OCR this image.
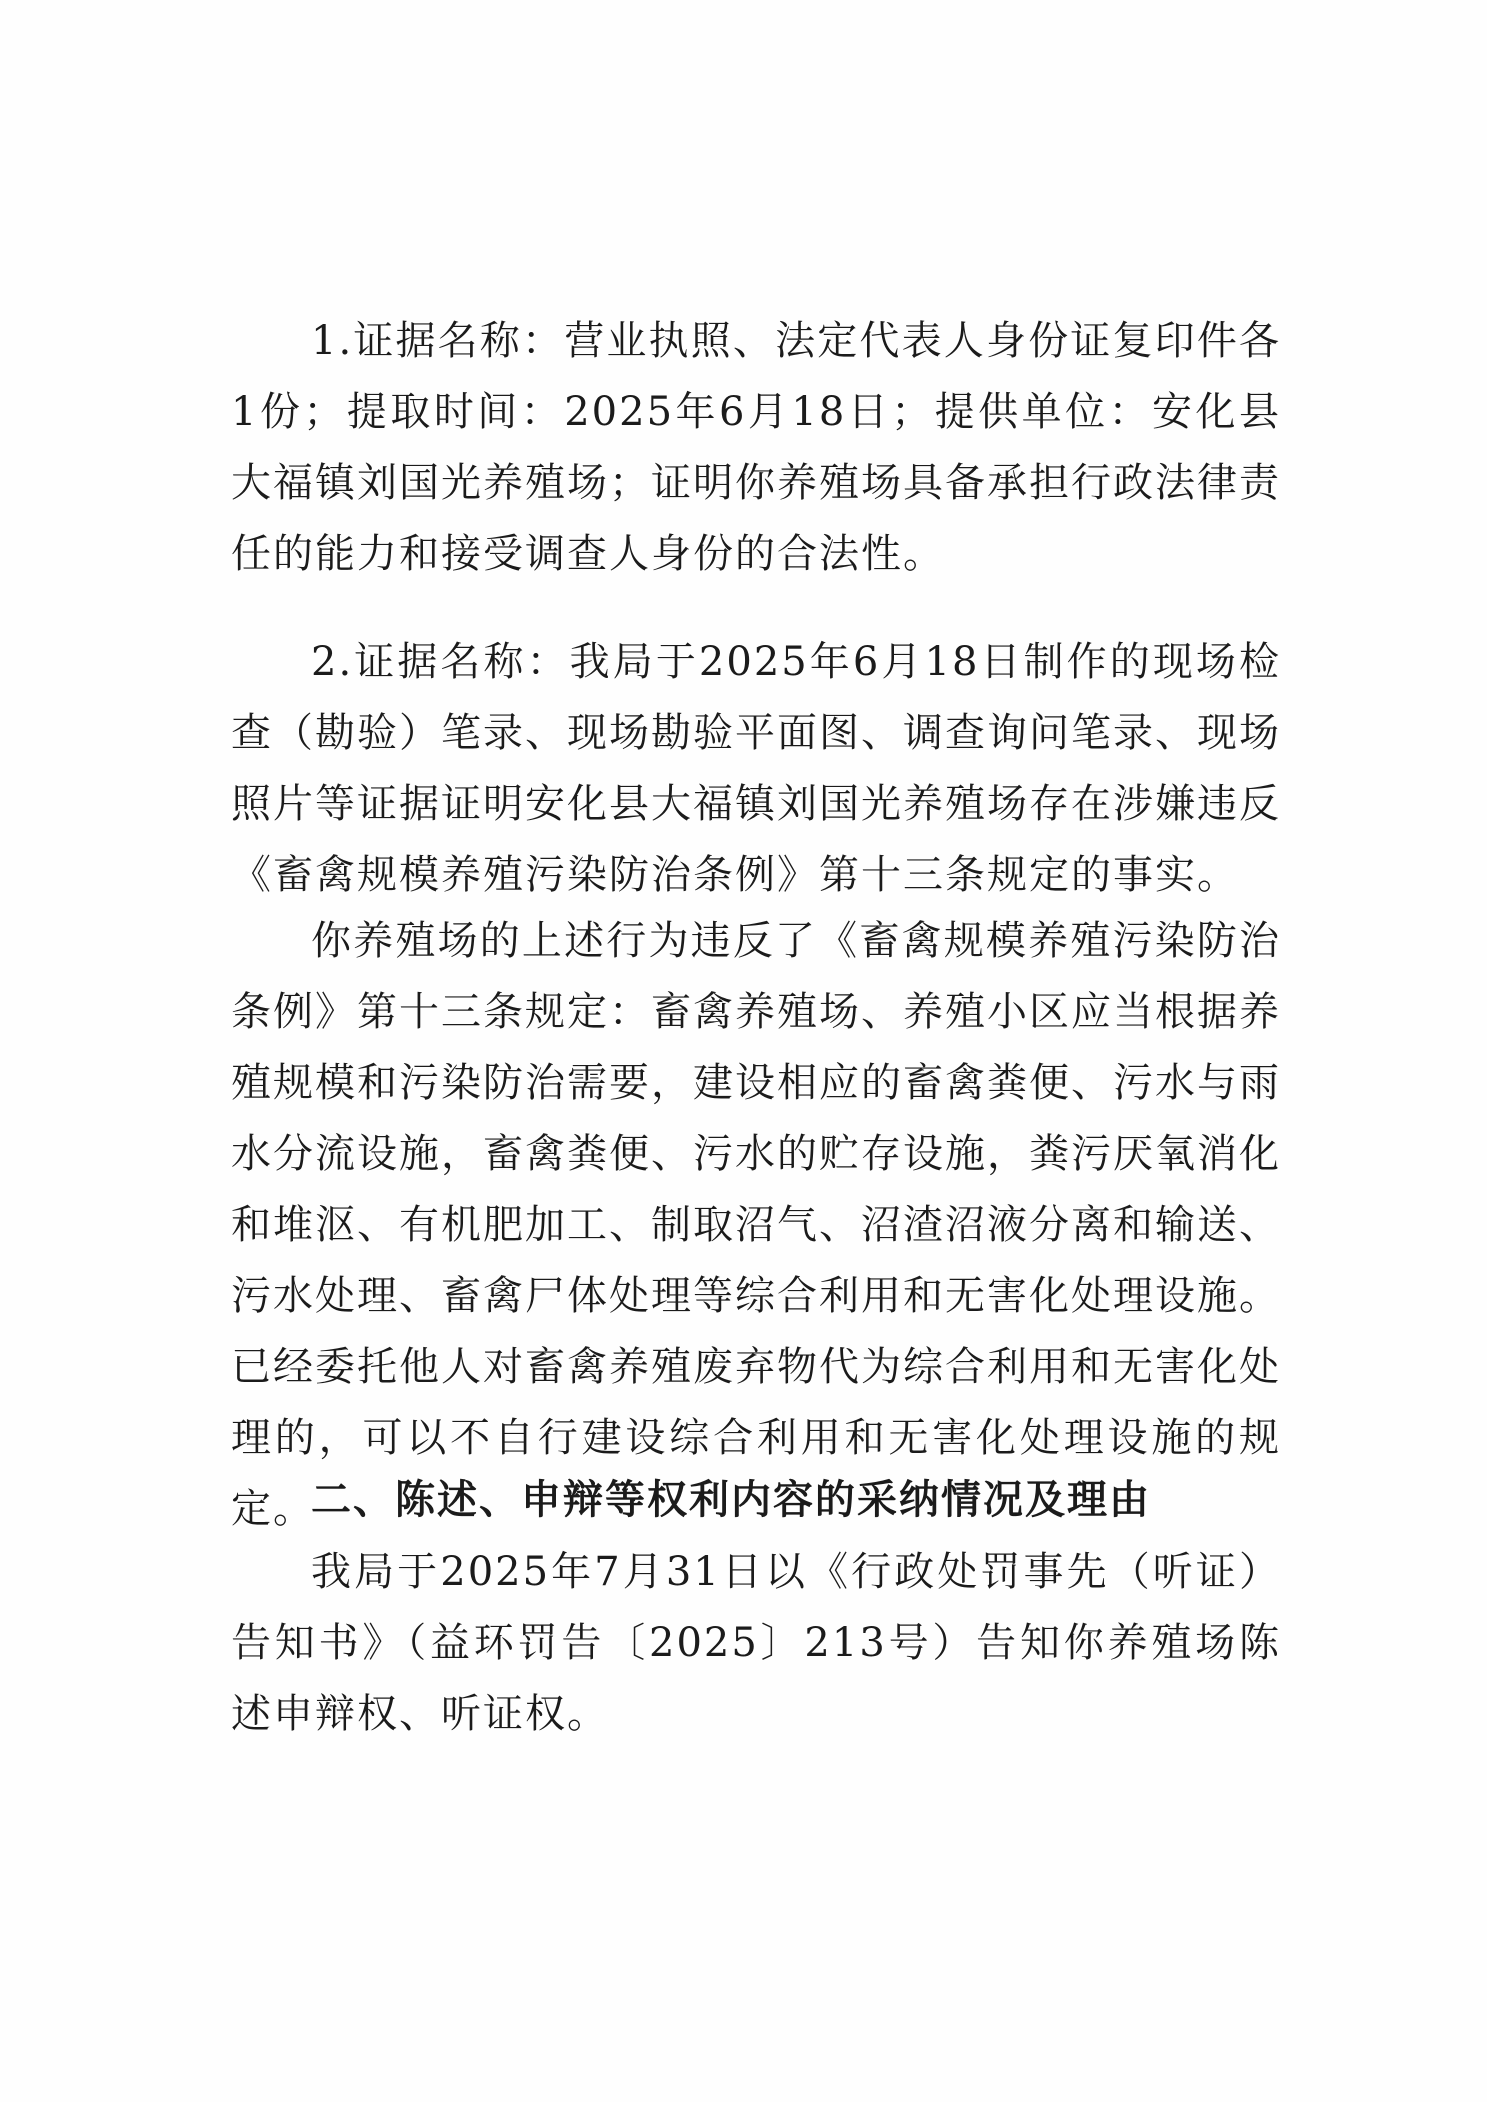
1.证据名称：营业执照、法定代表人身份证复印件各1份；提取时间：2025年6月18日；提供单位：安化县大福镇刘国光养殖场；证明你养殖场具备承担行政法律责任的能力和接受调查人身份的合法性。

2.证据名称：我局于2025年6月18日制作的现场检查（勘验）笔录、现场勘验平面图、调查询问笔录、现场照片等证据证明安化县大福镇刘国光养殖场存在涉嫌违反《畜禽规模养殖污染防治条例》第十三条规定的事实。

你养殖场的上述行为违反了《畜禽规模养殖污染防治条例》第十三条规定：畜禽养殖场、养殖小区应当根据养殖规模和污染防治需要，建设相应的畜禽粪便、污水与雨水分流设施，畜禽粪便、污水的贮存设施，粪污厌氧消化和堆沤、有机肥加工、制取沼气、沼渣沼液分离和输送、污水处理、畜禽尸体处理等综合利用和无害化处理设施。已经委托他人对畜禽养殖废弃物代为综合利用和无害化处理的，可以不自行建设综合利用和无害化处理设施的规定。

二、陈述、申辩等权利内容的采纳情况及理由

我局于2025年7月31日以《行政处罚事先（听证）告知书》（益环罚告〔2025〕213号）告知你养殖场陈述申辩权、听证权。
